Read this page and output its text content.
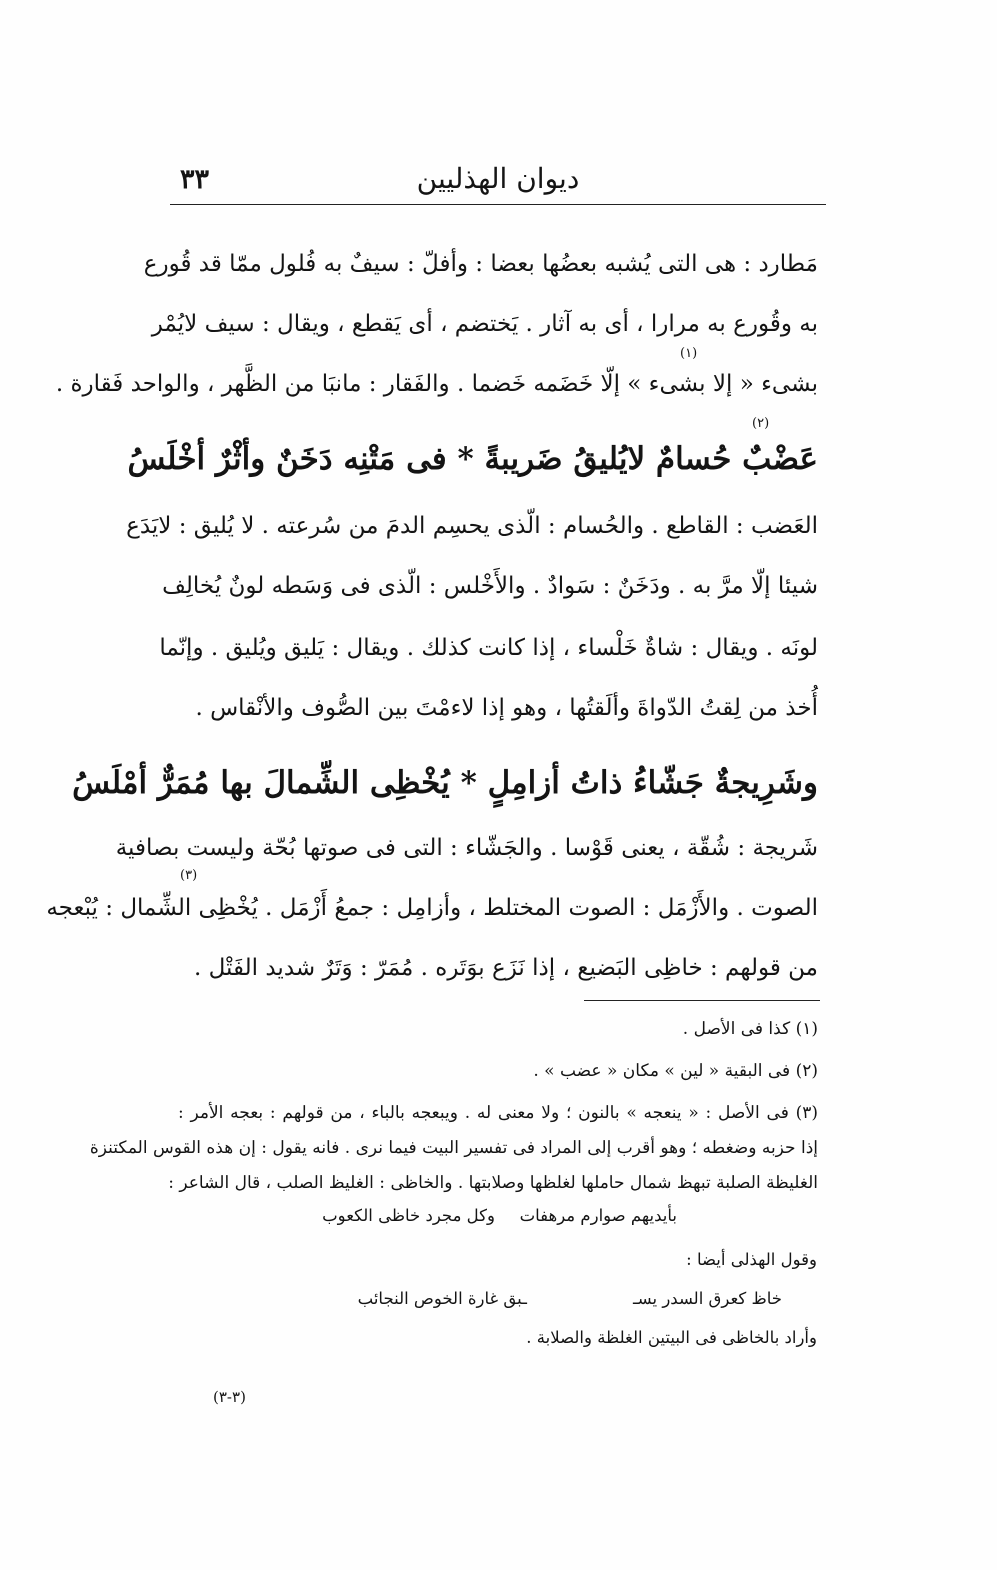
ديوان الهذليين
٣٣
مَطارد : هى التى يُشبه بعضُها بعضا : وأفلّ : سيفٌ به فُلول ممّا قد قُورع
به وقُورع به مرارا ، أى به آثار . يَختضم ، أى يَقطع ، ويقال : سيف لايُمْر
بشىء « إلا بشىء » إلّا خَضَمه خَضما . والفَقار : مانبَا من الظَّهر ، والواحد فَقارة .
(١)
عَضْبٌ حُسامٌ لايُليقُ ضَريبةً * فى مَتْنِه دَخَنٌ وأثْرٌ أخْلَسُ
(٢)
العَضب : القاطع . والحُسام : الّذى يحسِم الدمَ من سُرعته . لا يُليق : لايَدَع
شيئا إلّا مرَّ به . ودَخَنٌ : سَوادٌ . والأَخْلس : الّذى فى وَسَطه لونٌ يُخالِف
لونَه . ويقال : شاةٌ خَلْساء ، إذا كانت كذلك . ويقال : يَليق ويُليق . وإنّما
أُخذ من لِقتُ الدّواةَ وألَقتُها ، وهو إذا لاءمْتَ بين الصُّوف والأنْقاس .
وشَرِيجةٌ جَشّاءُ ذاتُ أزامِلٍ * يُخْظِى الشِّمالَ بها مُمَرٌّ أمْلَسُ
شَريجة : شُقّة ، يعنى قَوْسا . والجَشّاء : التى فى صوتها بُحّة وليست بصافية
الصوت . والأَزْمَل : الصوت المختلط ، وأزامِل : جمعُ أَزْمَل . يُخْظِى الشِّمال : يُبْعجه
(٣)
من قولهم : خاظِى البَضيع ، إذا نَزَع بوَتَره . مُمَرّ : وَتَرٌ شديد الفَتْل .
(١) كذا فى الأصل .
(٢) فى البقية « لين » مكان « عضب » .
(٣) فى الأصل : « ينعجه » بالنون ؛ ولا معنى له . ويبعجه بالباء ، من قولهم : بعجه الأمر :
إذا حزبه وضغطه ؛ وهو أقرب إلى المراد فى تفسير البيت فيما نرى . فانه يقول : إن هذه القوس المكتنزة
الغليظة الصلبة تبهظ شمال حاملها لغلظها وصلابتها . والخاظى : الغليظ الصلب ، قال الشاعر :
بأيديهم صوارم مرهفات
وكل مجرد خاظى الكعوب
وقول الهذلى أيضا :
خاظ كعرق السدر يسـ
ـبق غارة الخوص النجائب
وأراد بالخاظى فى البيتين الغلظة والصلابة .
(٣-٣)
